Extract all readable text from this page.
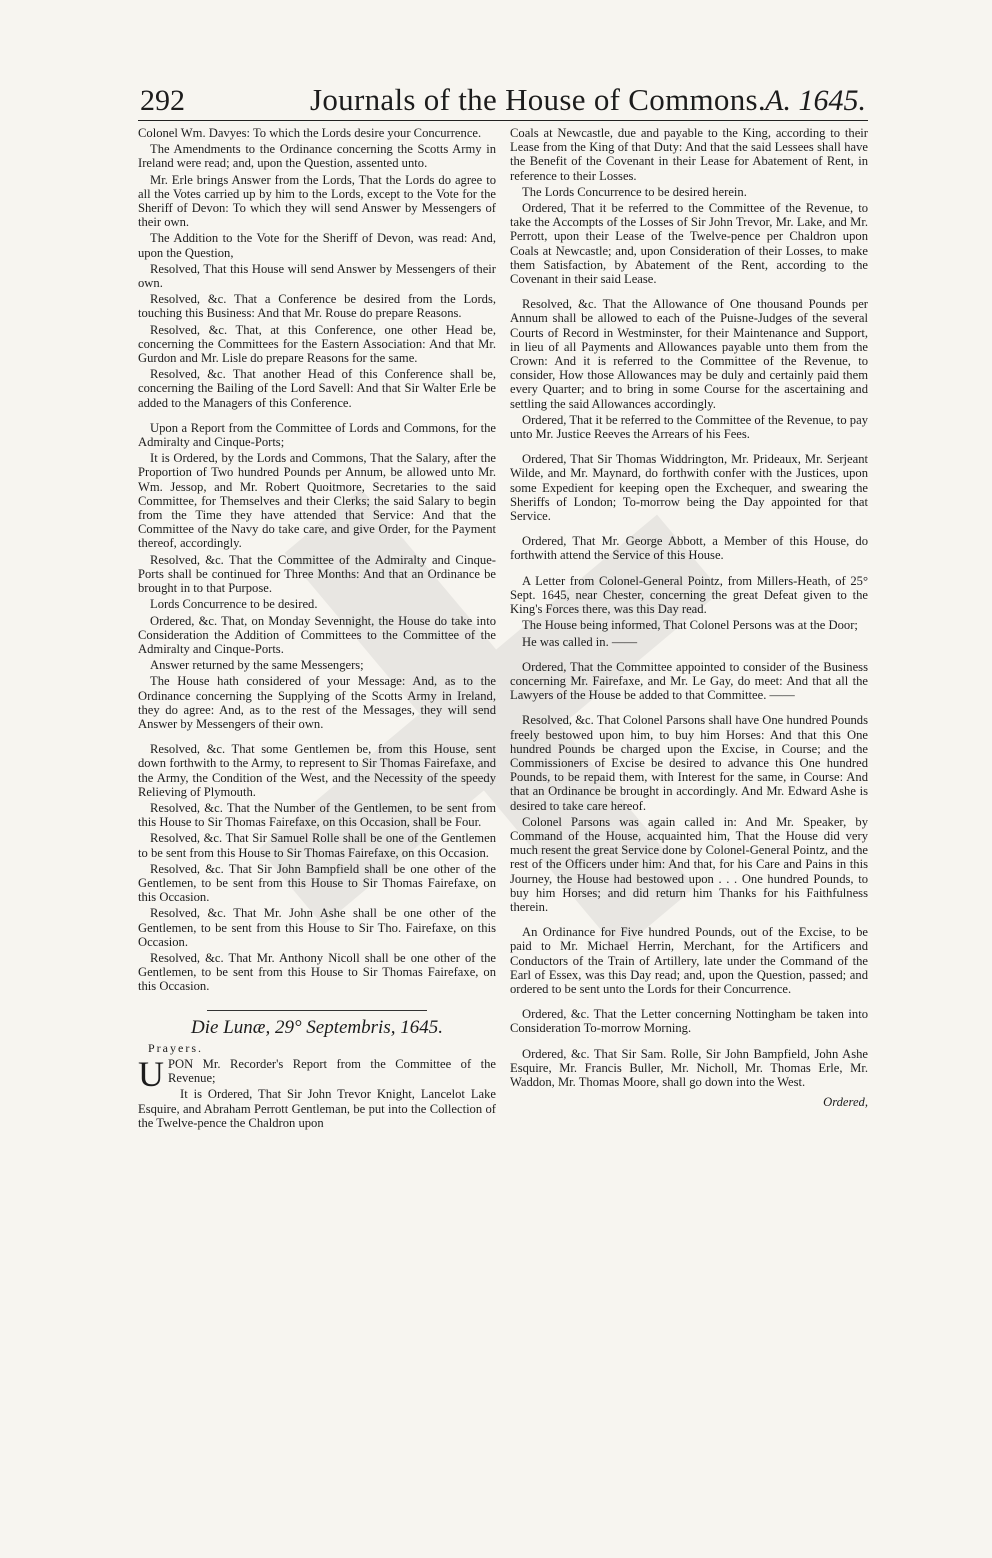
292	Journals of the House of Commons. A. 1645.

Colonel Wm. Davyes: To which the Lords desire your Concurrence.

The Amendments to the Ordinance concerning the Scotts Army in Ireland were read; and, upon the Question, assented unto.

Mr. Erle brings Answer from the Lords, That the Lords do agree to all the Votes carried up by him to the Lords, except to the Vote for the Sheriff of Devon: To which they will send Answer by Messengers of their own.

The Addition to the Vote for the Sheriff of Devon, was read: And, upon the Question,

Resolved, That this House will send Answer by Messengers of their own.

Resolved, &c. That a Conference be desired from the Lords, touching this Business: And that Mr. Rouse do prepare Reasons.

Resolved, &c. That, at this Conference, one other Head be, concerning the Committees for the Eastern Association: And that Mr. Gurdon and Mr. Lisle do prepare Reasons for the same.

Resolved, &c. That another Head of this Conference shall be, concerning the Bailing of the Lord Savell: And that Sir Walter Erle be added to the Managers of this Conference.

Upon a Report from the Committee of Lords and Commons, for the Admiralty and Cinque-Ports;

It is Ordered, by the Lords and Commons, That the Salary, after the Proportion of Two hundred Pounds per Annum, be allowed unto Mr. Wm. Jessop, and Mr. Robert Quoitmore, Secretaries to the said Committee, for Themselves and their Clerks; the said Salary to begin from the Time they have attended that Service: And that the Committee of the Navy do take care, and give Order, for the Payment thereof, accordingly.

Resolved, &c. That the Committee of the Admiralty and Cinque-Ports shall be continued for Three Months: And that an Ordinance be brought in to that Purpose.

Lords Concurrence to be desired.

Ordered, &c. That, on Monday Sevennight, the House do take into Consideration the Addition of Committees to the Committee of the Admiralty and Cinque-Ports.

Answer returned by the same Messengers;

The House hath considered of your Message: And, as to the Ordinance concerning the Supplying of the Scotts Army in Ireland, they do agree: And, as to the rest of the Messages, they will send Answer by Messengers of their own.

Resolved, &c. That some Gentlemen be, from this House, sent down forthwith to the Army, to represent to Sir Thomas Fairefaxe, and the Army, the Condition of the West, and the Necessity of the speedy Relieving of Plymouth.

Resolved, &c. That the Number of the Gentlemen, to be sent from this House to Sir Thomas Fairefaxe, on this Occasion, shall be Four.

Resolved, &c. That Sir Samuel Rolle shall be one of the Gentlemen to be sent from this House to Sir Thomas Fairefaxe, on this Occasion.

Resolved, &c. That Sir John Bampfield shall be one other of the Gentlemen, to be sent from this House to Sir Thomas Fairefaxe, on this Occasion.

Resolved, &c. That Mr. John Ashe shall be one other of the Gentlemen, to be sent from this House to Sir Tho. Fairefaxe, on this Occasion.

Resolved, &c. That Mr. Anthony Nicoll shall be one other of the Gentlemen, to be sent from this House to Sir Thomas Fairefaxe, on this Occasion.

Die Lunæ, 29° Septembris, 1645.
Prayers.

UPON Mr. Recorder's Report from the Committee of the Revenue;

It is Ordered, That Sir John Trevor Knight, Lancelot Lake Esquire, and Abraham Perrott Gentleman, be put into the Collection of the Twelve-pence the Chaldron upon

Coals at Newcastle, due and payable to the King, according to their Lease from the King of that Duty: And that the said Lessees shall have the Benefit of the Covenant in their Lease for Abatement of Rent, in reference to their Losses.

The Lords Concurrence to be desired herein.

Ordered, That it be referred to the Committee of the Revenue, to take the Accompts of the Losses of Sir John Trevor, Mr. Lake, and Mr. Perrott, upon their Lease of the Twelve-pence per Chaldron upon Coals at Newcastle; and, upon Consideration of their Losses, to make them Satisfaction, by Abatement of the Rent, according to the Covenant in their said Lease.

Resolved, &c. That the Allowance of One thousand Pounds per Annum shall be allowed to each of the Puisne-Judges of the several Courts of Record in Westminster, for their Maintenance and Support, in lieu of all Payments and Allowances payable unto them from the Crown: And it is referred to the Committee of the Revenue, to consider, How those Allowances may be duly and certainly paid them every Quarter; and to bring in some Course for the ascertaining and settling the said Allowances accordingly.

Ordered, That it be referred to the Committee of the Revenue, to pay unto Mr. Justice Reeves the Arrears of his Fees.

Ordered, That Sir Thomas Widdrington, Mr. Prideaux, Mr. Serjeant Wilde, and Mr. Maynard, do forthwith confer with the Justices, upon some Expedient for keeping open the Exchequer, and swearing the Sheriffs of London; To-morrow being the Day appointed for that Service.

Ordered, That Mr. George Abbott, a Member of this House, do forthwith attend the Service of this House.

A Letter from Colonel-General Pointz, from Millers-Heath, of 25° Sept. 1645, near Chester, concerning the great Defeat given to the King's Forces there, was this Day read.

The House being informed, That Colonel Persons was at the Door;

He was called in. ——

Ordered, That the Committee appointed to consider of the Business concerning Mr. Fairefaxe, and Mr. Le Gay, do meet: And that all the Lawyers of the House be added to that Committee. ——

Resolved, &c. That Colonel Parsons shall have One hundred Pounds freely bestowed upon him, to buy him Horses: And that this One hundred Pounds be charged upon the Excise, in Course; and the Commissioners of Excise be desired to advance this One hundred Pounds, to be repaid them, with Interest for the same, in Course: And that an Ordinance be brought in accordingly. And Mr. Edward Ashe is desired to take care hereof.

Colonel Parsons was again called in: And Mr. Speaker, by Command of the House, acquainted him, That the House did very much resent the great Service done by Colonel-General Pointz, and the rest of the Officers under him: And that, for his Care and Pains in this Journey, the House had bestowed upon . . . One hundred Pounds, to buy him Horses; and did return him Thanks for his Faithfulness therein.

An Ordinance for Five hundred Pounds, out of the Excise, to be paid to Mr. Michael Herrin, Merchant, for the Artificers and Conductors of the Train of Artillery, late under the Command of the Earl of Essex, was this Day read; and, upon the Question, passed; and ordered to be sent unto the Lords for their Concurrence.

Ordered, &c. That the Letter concerning Nottingham be taken into Consideration To-morrow Morning.

Ordered, &c. That Sir Sam. Rolle, Sir John Bampfield, John Ashe Esquire, Mr. Francis Buller, Mr. Nicholl, Mr. Thomas Erle, Mr. Waddon, Mr. Thomas Moore, shall go down into the West.

Ordered,
